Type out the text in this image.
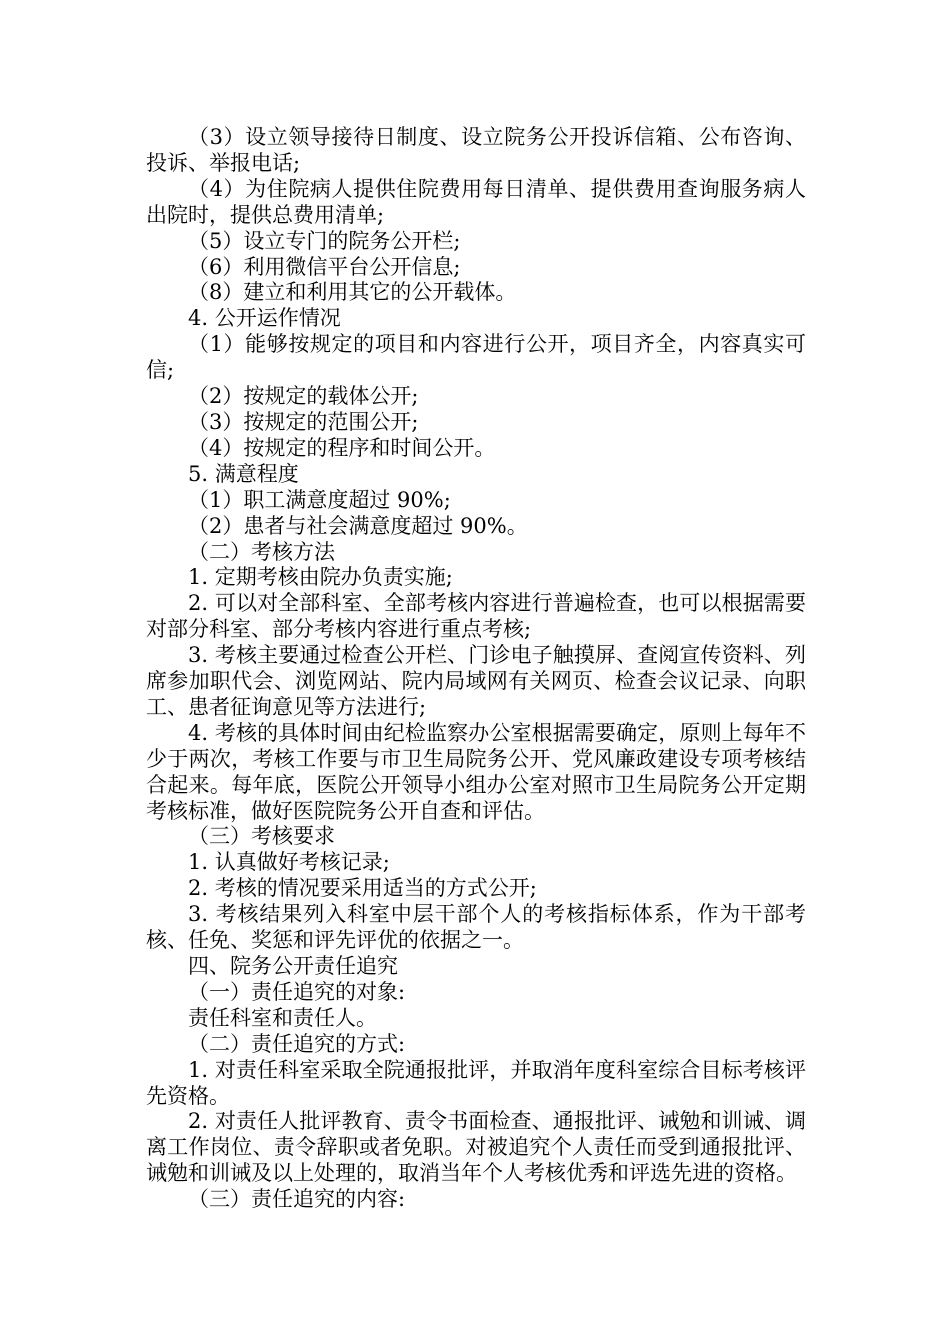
（3）设立领导接待日制度、设立院务公开投诉信箱、公布咨询、投诉、举报电话;

（4）为住院病人提供住院费用每日清单、提供费用查询服务病人出院时，提供总费用清单;

（5）设立专门的院务公开栏;

（6）利用微信平台公开信息;

（8）建立和利用其它的公开载体。

4. 公开运作情况

（1）能够按规定的项目和内容进行公开，项目齐全，内容真实可信;

（2）按规定的载体公开;

（3）按规定的范围公开;

（4）按规定的程序和时间公开。

5. 满意程度

（1）职工满意度超过 90%;

（2）患者与社会满意度超过 90%。

（二）考核方法

1. 定期考核由院办负责实施;

2. 可以对全部科室、全部考核内容进行普遍检查，也可以根据需要对部分科室、部分考核内容进行重点考核;

3. 考核主要通过检查公开栏、门诊电子触摸屏、查阅宣传资料、列席参加职代会、浏览网站、院内局域网有关网页、检查会议记录、向职工、患者征询意见等方法进行;

4. 考核的具体时间由纪检监察办公室根据需要确定，原则上每年不少于两次，考核工作要与市卫生局院务公开、党风廉政建设专项考核结合起来。每年底，医院公开领导小组办公室对照市卫生局院务公开定期考核标准，做好医院院务公开自查和评估。

（三）考核要求

1. 认真做好考核记录;

2. 考核的情况要采用适当的方式公开;

3. 考核结果列入科室中层干部个人的考核指标体系，作为干部考核、任免、奖惩和评先评优的依据之一。

四、院务公开责任追究

（一）责任追究的对象:

责任科室和责任人。

（二）责任追究的方式:

1. 对责任科室采取全院通报批评，并取消年度科室综合目标考核评先资格。

2. 对责任人批评教育、责令书面检查、通报批评、诫勉和训诫、调离工作岗位、责令辞职或者免职。对被追究个人责任而受到通报批评、诫勉和训诫及以上处理的，取消当年个人考核优秀和评选先进的资格。

（三）责任追究的内容:
